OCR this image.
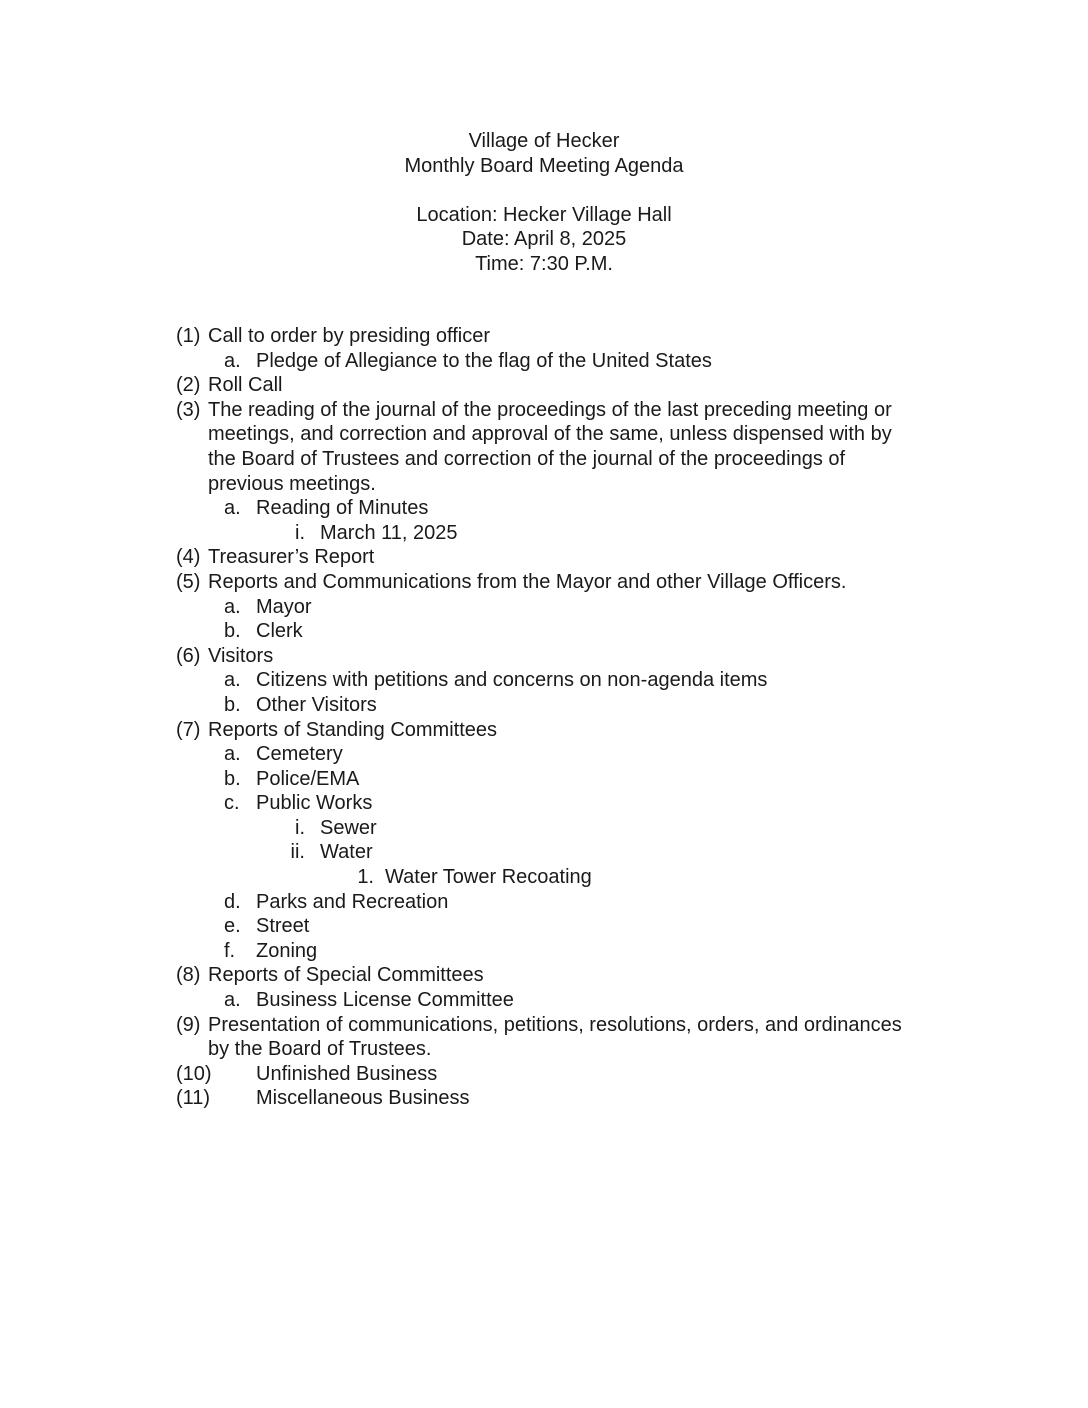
Village of Hecker
Monthly Board Meeting Agenda
Location: Hecker Village Hall
Date: April 8, 2025
Time: 7:30 P.M.
(1) Call to order by presiding officer
a. Pledge of Allegiance to the flag of the United States
(2) Roll Call
(3) The reading of the journal of the proceedings of the last preceding meeting or
meetings, and correction and approval of the same, unless dispensed with by
the Board of Trustees and correction of the journal of the proceedings of
previous meetings.
a. Reading of Minutes
i. March 11, 2025
(4) Treasurer’s Report
(5) Reports and Communications from the Mayor and other Village Officers.
a. Mayor
b. Clerk
(6) Visitors
a. Citizens with petitions and concerns on non-agenda items
b. Other Visitors
(7) Reports of Standing Committees
a. Cemetery
b. Police/EMA
c. Public Works
i. Sewer
ii. Water
1. Water Tower Recoating
d. Parks and Recreation
e. Street
f. Zoning
(8) Reports of Special Committees
a. Business License Committee
(9) Presentation of communications, petitions, resolutions, orders, and ordinances
by the Board of Trustees.
(10) Unfinished Business
(11) Miscellaneous Business
